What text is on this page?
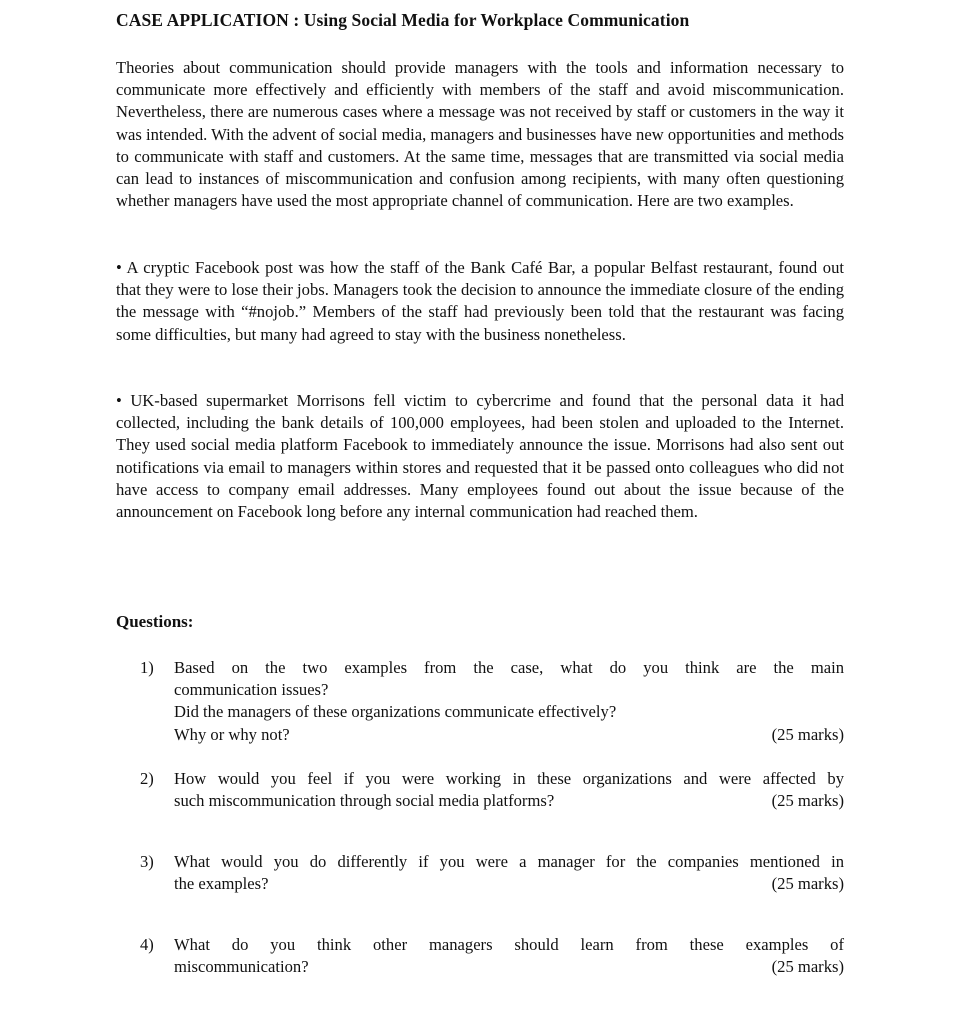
CASE APPLICATION : Using Social Media for Workplace Communication

Theories about communication should provide managers with the tools and information necessary to communicate more effectively and efficiently with members of the staff and avoid miscommunication. Nevertheless, there are numerous cases where a message was not received by staff or customers in the way it was intended. With the advent of social media, managers and businesses have new opportunities and methods to communicate with staff and customers. At the same time, messages that are transmitted via social media can lead to instances of miscommunication and confusion among recipients, with many often questioning whether managers have used the most appropriate channel of communication. Here are two examples.

• A cryptic Facebook post was how the staff of the Bank Café Bar, a popular Belfast restaurant, found out that they were to lose their jobs. Managers took the decision to announce the immediate closure of the ending the message with “#nojob.” Members of the staff had previously been told that the restaurant was facing some difficulties, but many had agreed to stay with the business nonetheless.

• UK-based supermarket Morrisons fell victim to cybercrime and found that the personal data it had collected, including the bank details of 100,000 employees, had been stolen and uploaded to the Internet. They used social media platform Facebook to immediately announce the issue. Morrisons had also sent out notifications via email to managers within stores and requested that it be passed onto colleagues who did not have access to company email addresses. Many employees found out about the issue because of the announcement on Facebook long before any internal communication had reached them.

Questions:
1) Based on the two examples from the case, what do you think are the main
communication issues?
Did the managers of these organizations communicate effectively?
Why or why not?	(25 marks)
2) How would you feel if you were working in these organizations and were affected by
such miscommunication through social media platforms?	(25 marks)
3) What would you do differently if you were a manager for the companies mentioned in
the examples?	(25 marks)
4) What do you think other managers should learn from these examples of
miscommunication?	(25 marks)
